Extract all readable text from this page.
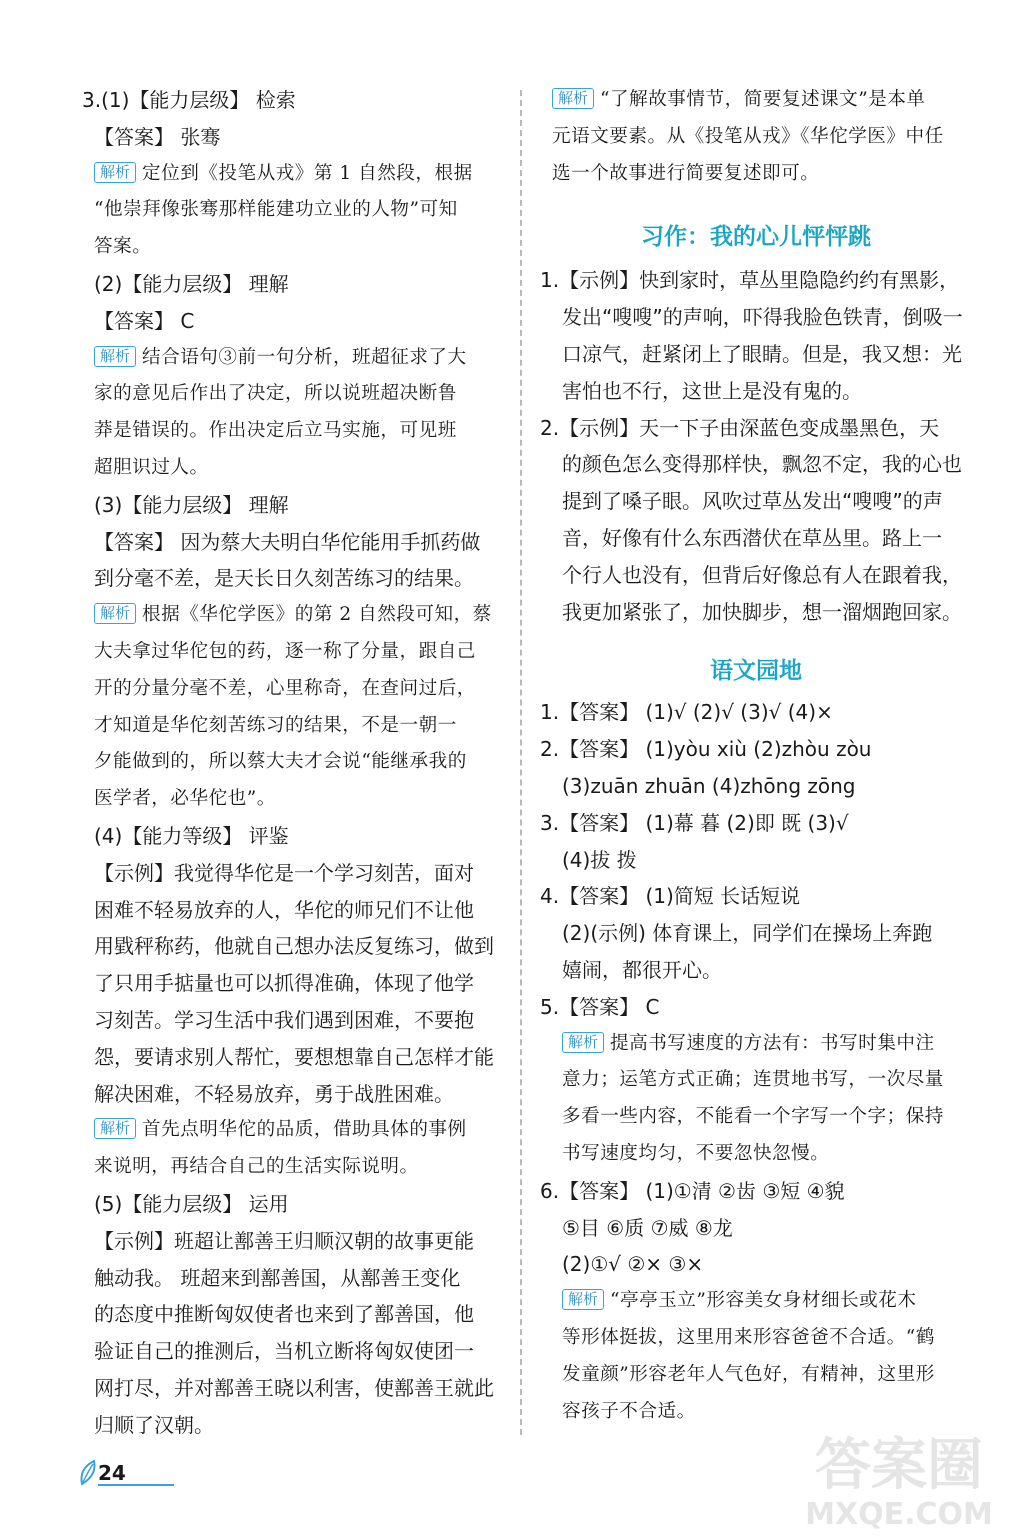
3.(1)【能力层级】 检索
【答案】 张骞
解析 定位到《投笔从戎》第 1 自然段，根据
“他崇拜像张骞那样能建功立业的人物”可知
答案。
(2)【能力层级】 理解
【答案】 C
解析 结合语句③前一句分析，班超征求了大
家的意见后作出了决定，所以说班超决断鲁
莽是错误的。作出决定后立马实施，可见班
超胆识过人。
(3)【能力层级】 理解
【答案】 因为蔡大夫明白华佗能用手抓药做
到分毫不差，是天长日久刻苦练习的结果。
解析 根据《华佗学医》的第 2 自然段可知，蔡
大夫拿过华佗包的药，逐一称了分量，跟自己
开的分量分毫不差，心里称奇，在查问过后，
才知道是华佗刻苦练习的结果，不是一朝一
夕能做到的，所以蔡大夫才会说“能继承我的
医学者，必华佗也”。
(4)【能力等级】 评鉴
【示例】我觉得华佗是一个学习刻苦，面对
困难不轻易放弃的人，华佗的师兄们不让他
用戥秤称药，他就自己想办法反复练习，做到
了只用手掂量也可以抓得准确，体现了他学
习刻苦。学习生活中我们遇到困难，不要抱
怨，要请求别人帮忙，要想想靠自己怎样才能
解决困难，不轻易放弃，勇于战胜困难。
解析 首先点明华佗的品质，借助具体的事例
来说明，再结合自己的生活实际说明。
(5)【能力层级】 运用
【示例】班超让鄯善王归顺汉朝的故事更能
触动我。 班超来到鄯善国，从鄯善王变化
的态度中推断匈奴使者也来到了鄯善国，他
验证自己的推测后，当机立断将匈奴使团一
网打尽，并对鄯善王晓以利害，使鄯善王就此
归顺了汉朝。
解析 “了解故事情节，简要复述课文”是本单
元语文要素。从《投笔从戎》《华佗学医》中任
选一个故事进行简要复述即可。
习作：我的心儿怦怦跳
1.【示例】快到家时，草丛里隐隐约约有黑影，
发出“嗖嗖”的声响，吓得我脸色铁青，倒吸一
口凉气，赶紧闭上了眼睛。但是，我又想：光
害怕也不行，这世上是没有鬼的。
2.【示例】天一下子由深蓝色变成墨黑色，天
的颜色怎么变得那样快，飘忽不定，我的心也
提到了嗓子眼。风吹过草丛发出“嗖嗖”的声
音，好像有什么东西潜伏在草丛里。路上一
个行人也没有，但背后好像总有人在跟着我，
我更加紧张了，加快脚步，想一溜烟跑回家。
语文园地
1.【答案】 (1)√ (2)√ (3)√ (4)×
2.【答案】 (1)yòu xiù (2)zhòu zòu
(3)zuān zhuān (4)zhōng zōng
3.【答案】 (1)幕 暮 (2)即 既 (3)√
(4)拔 拨
4.【答案】 (1)简短 长话短说
(2)(示例) 体育课上，同学们在操场上奔跑
嬉闹，都很开心。
5.【答案】 C
解析 提高书写速度的方法有：书写时集中注
意力；运笔方式正确；连贯地书写，一次尽量
多看一些内容，不能看一个字写一个字；保持
书写速度均匀，不要忽快忽慢。
6.【答案】 (1)①清 ②齿 ③短 ④貌
⑤目 ⑥质 ⑦威 ⑧龙
(2)①√ ②× ③×
解析 “亭亭玉立”形容美女身材细长或花木
等形体挺拔，这里用来形容爸爸不合适。“鹤
发童颜”形容老年人气色好，有精神，这里形
容孩子不合适。
24	答案圈
MXQE.COM
